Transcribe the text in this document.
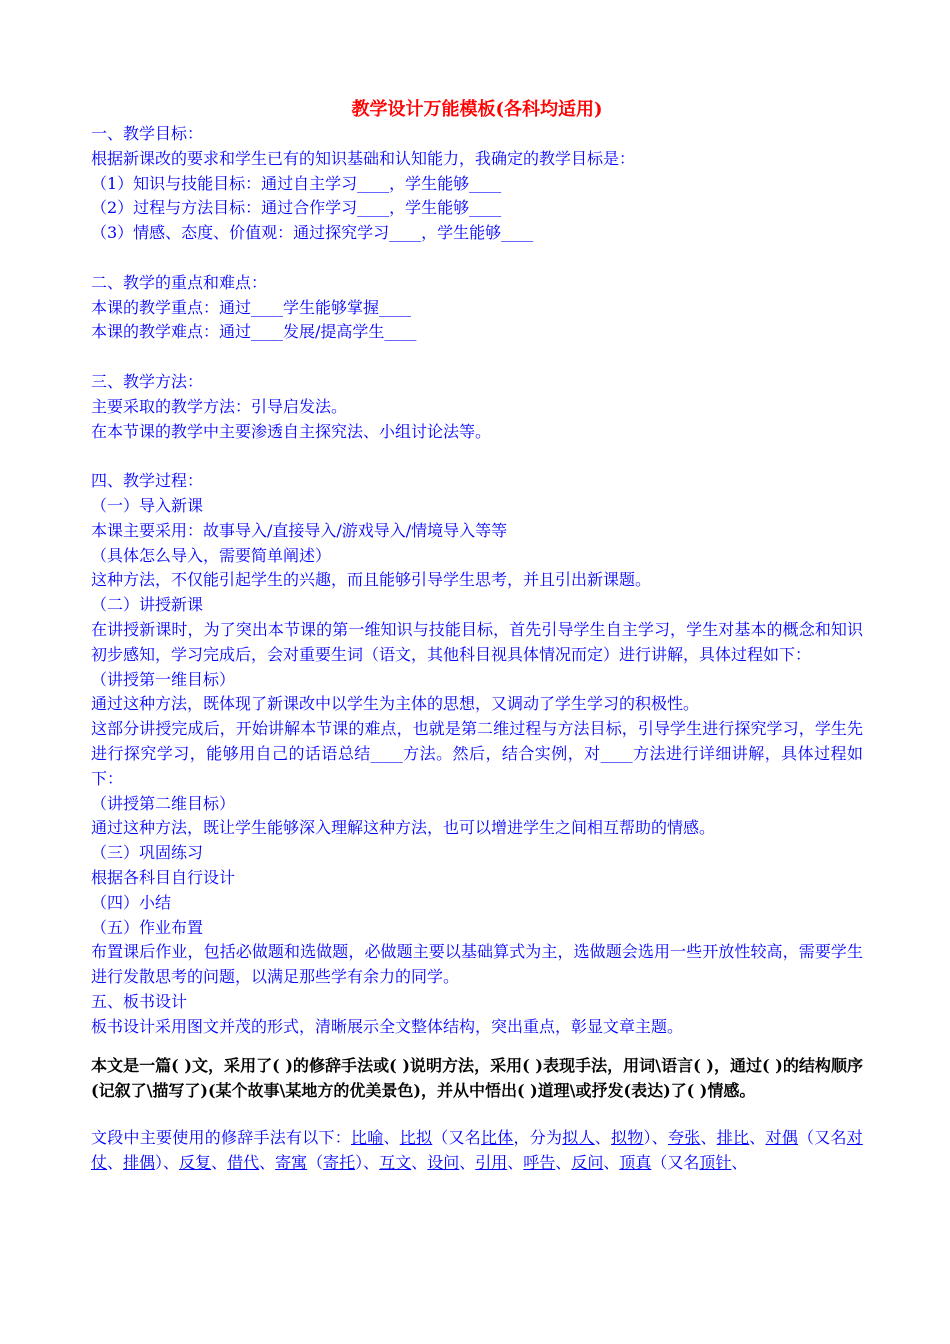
教学设计万能模板(各科均适用)

一、教学目标：

根据新课改的要求和学生已有的知识基础和认知能力，我确定的教学目标是：

（1）知识与技能目标：通过自主学习____，学生能够____

（2）过程与方法目标：通过合作学习____，学生能够____

（3）情感、态度、价值观：通过探究学习____，学生能够____

二、教学的重点和难点：

本课的教学重点：通过____学生能够掌握____

本课的教学难点：通过____发展/提高学生____

三、教学方法：

主要采取的教学方法：引导启发法。

在本节课的教学中主要渗透自主探究法、小组讨论法等。

四、教学过程：

（一）导入新课

本课主要采用：故事导入/直接导入/游戏导入/情境导入等等

（具体怎么导入，需要简单阐述）

这种方法，不仅能引起学生的兴趣，而且能够引导学生思考，并且引出新课题。

（二）讲授新课

在讲授新课时，为了突出本节课的第一维知识与技能目标，首先引导学生自主学习，学生对基本的概念和知识初步感知，学习完成后，会对重要生词（语文，其他科目视具体情况而定）进行讲解，具体过程如下：

（讲授第一维目标）

通过这种方法，既体现了新课改中以学生为主体的思想，又调动了学生学习的积极性。

这部分讲授完成后，开始讲解本节课的难点，也就是第二维过程与方法目标，引导学生进行探究学习，学生先进行探究学习，能够用自己的话语总结____方法。然后，结合实例，对____方法进行详细讲解，具体过程如下：

（讲授第二维目标）

通过这种方法，既让学生能够深入理解这种方法，也可以增进学生之间相互帮助的情感。

（三）巩固练习

根据各科目自行设计

（四）小结

（五）作业布置

布置课后作业，包括必做题和选做题，必做题主要以基础算式为主，选做题会选用一些开放性较高，需要学生进行发散思考的问题，以满足那些学有余力的同学。

五、板书设计

板书设计采用图文并茂的形式，清晰展示全文整体结构，突出重点，彰显文章主题。

本文是一篇( )文，采用了( )的修辞手法或( )说明方法，采用( )表现手法，用词\语言( )，通过( )的结构顺序(记叙了\描写了)(某个故事\某地方的优美景色)，并从中悟出( )道理\或抒发(表达)了( )情感。

文段中主要使用的修辞手法有以下：比喻、比拟（又名比体，分为拟人、拟物）、夸张、排比、对偶（又名对仗、排偶）、反复、借代、寄寓（寄托）、互文、设问、引用、呼告、反问、顶真（又名顶针、
